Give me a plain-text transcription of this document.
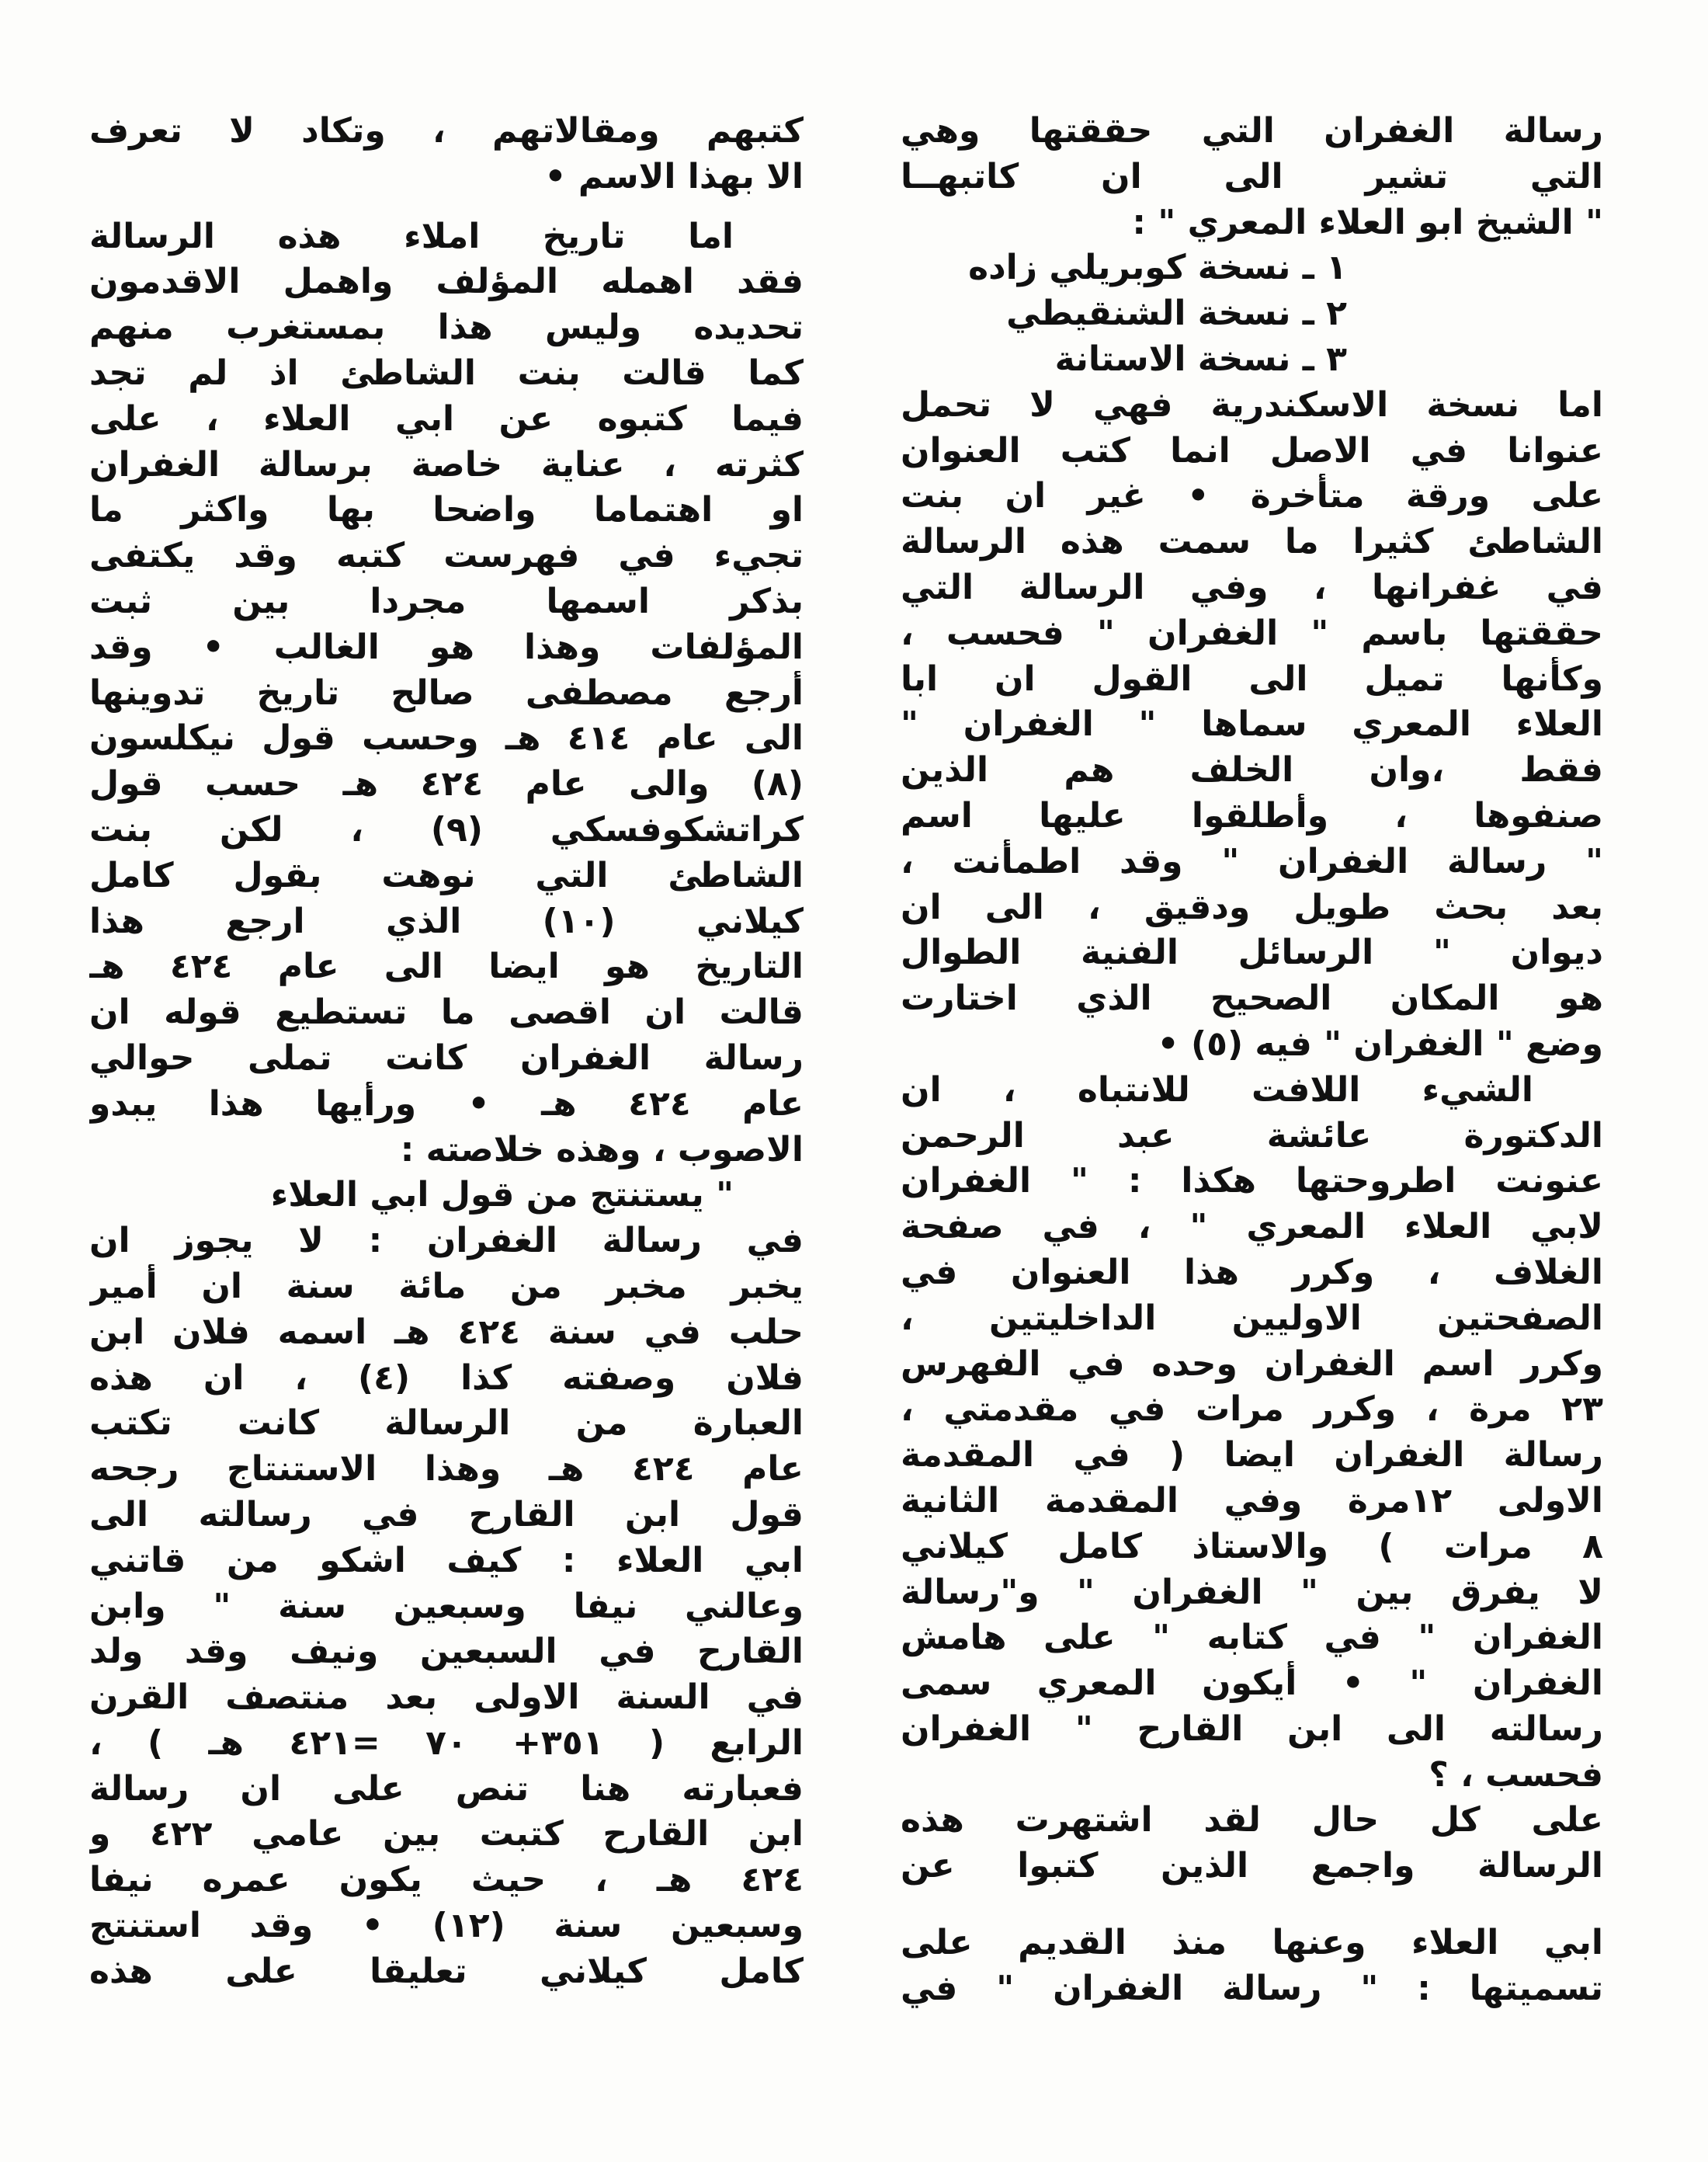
رسالة الغفران التي حققتها وهي
التي تشير الى ان كاتبهــا
" الشيخ ابو العلاء المعري " :
١ ـ نسخة كوبريلي زاده
٢ ـ نسخة الشنقيطي
٣ ـ نسخة الاستانة
اما نسخة الاسكندرية فهي لا تحمل
عنوانا في الاصل انما كتب العنوان
على ورقة متأخرة • غير ان بنت
الشاطئ كثيرا ما سمت هذه الرسالة
في غفرانها ، وفي الرسالة التي
حققتها باسم " الغفران " فحسب ،
وكأنها تميل الى القول ان ابا
العلاء المعري سماها " الغفران "
فقط ،وان الخلف هم الذين
صنفوها ، وأطلقوا عليها اسم
" رسالة الغفران " وقد اطمأنت ،
بعد بحث طويل ودقيق ، الى ان
ديوان " الرسائل الفنية الطوال
هو المكان الصحيح الذي اختارت
وضع " الغفران " فيه (٥) •
الشيء اللافت للانتباه ، ان
الدكتورة عائشة عبد الرحمن
عنونت اطروحتها هكذا : " الغفران
لابي العلاء المعري " ، في صفحة
الغلاف ، وكرر هذا العنوان في
الصفحتين الاوليين الداخليتين ،
وكرر اسم الغفران وحده في الفهرس
٢٣ مرة ، وكرر مرات في مقدمتي ،
رسالة الغفران ايضا ( في المقدمة
الاولى ١٢مرة وفي المقدمة الثانية
٨ مرات ) والاستاذ كامل كيلاني
لا يفرق بين " الغفران " و"رسالة
الغفران " في كتابه " على هامش
الغفران " • أيكون المعري سمى
رسالته الى ابن القارح " الغفران
فحسب ، ؟
على كل حال لقد اشتهرت هذه
الرسالة واجمع الذين كتبوا عن
ابي العلاء وعنها منذ القديم على
تسميتها : " رسالة الغفران " في
كتبهم ومقالاتهم ، وتكاد لا تعرف
الا بهذا الاسم •
اما تاريخ املاء هذه الرسالة
فقد اهمله المؤلف واهمل الاقدمون
تحديده وليس هذا بمستغرب منهم
كما قالت بنت الشاطئ اذ لم تجد
فيما كتبوه عن ابي العلاء ، على
كثرته ، عناية خاصة برسالة الغفران
او اهتماما واضحا بها واكثر ما
تجيء في فهرست كتبه وقد يكتفى
بذكر اسمها مجردا بين ثبت
المؤلفات وهذا هو الغالب • وقد
أرجع مصطفى صالح تاريخ تدوينها
الى عام ٤١٤ هـ وحسب قول نيكلسون
(٨) والى عام ٤٢٤ هـ حسب قول
كراتشكوفسكي (٩) ، لكن بنت
الشاطئ التي نوهت بقول كامل
كيلاني (١٠) الذي ارجع هذا
التاريخ هو ايضا الى عام ٤٢٤ هـ
قالت ان اقصى ما تستطيع قوله ان
رسالة الغفران كانت تملى حوالي
عام ٤٢٤ هـ • ورأيها هذا يبدو
الاصوب ، وهذه خلاصته :
" يستنتج من قول ابي العلاء
في رسالة الغفران : لا يجوز ان
يخبر مخبر من مائة سنة ان أمير
حلب في سنة ٤٢٤ هـ اسمه فلان ابن
فلان وصفته كذا (٤) ، ان هذه
العبارة من الرسالة كانت تكتب
عام ٤٢٤ هـ وهذا الاستنتاج رجحه
قول ابن القارح في رسالته الى
ابي العلاء : كيف اشكو من قاتني
وعالني نيفا وسبعين سنة " وابن
القارح في السبعين ونيف وقد ولد
في السنة الاولى بعد منتصف القرن
الرابع ( ٣٥١+ ٧٠ =٤٢١ هـ ) ،
فعبارته هنا تنص على ان رسالة
ابن القارح كتبت بين عامي ٤٢٢ و
٤٢٤ هـ ، حيث يكون عمره نيفا
وسبعين سنة (١٢) • وقد استنتج
كامل كيلاني تعليقا على هذه
